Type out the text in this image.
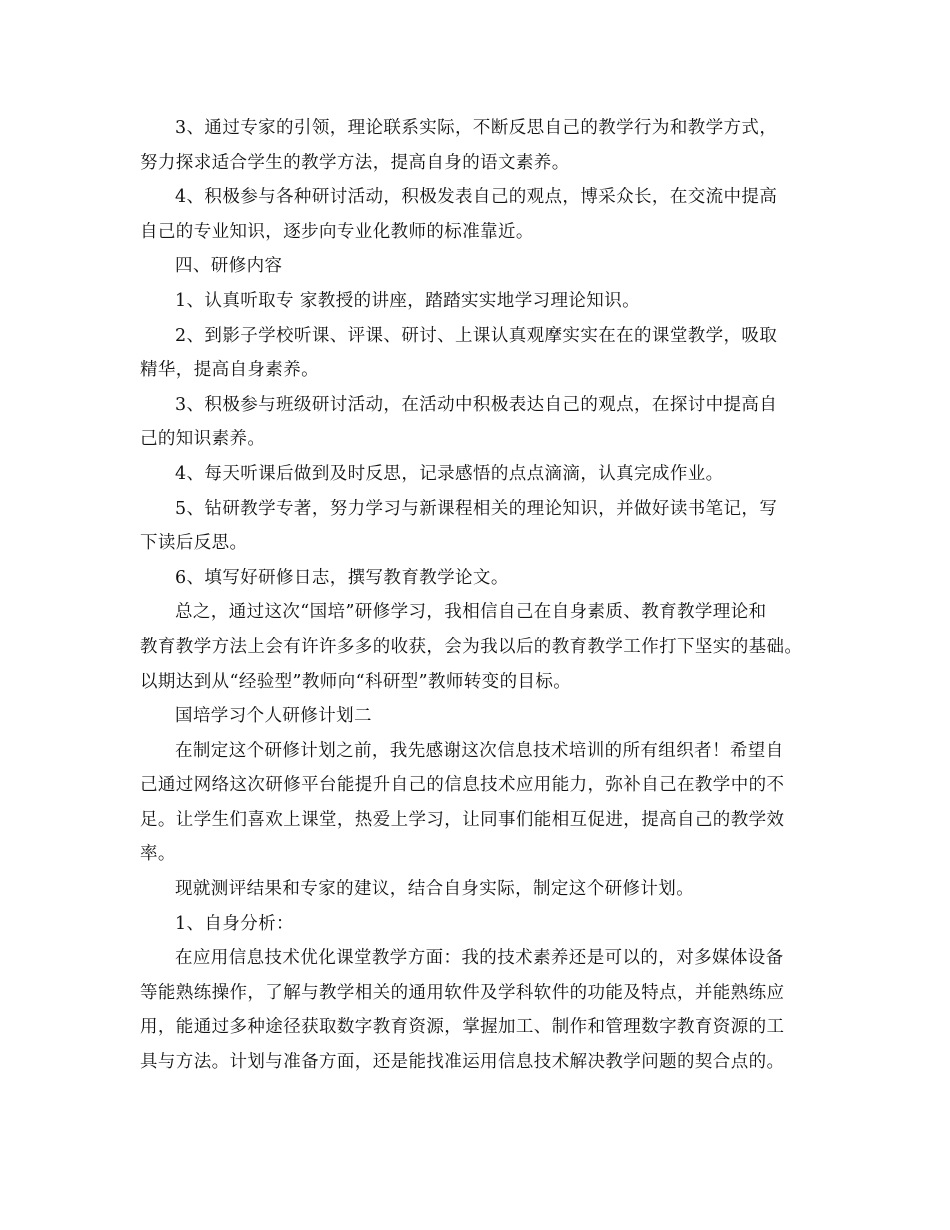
3、通过专家的引领，理论联系实际，不断反思自己的教学行为和教学方式，
努力探求适合学生的教学方法，提高自身的语文素养。
4、积极参与各种研讨活动，积极发表自己的观点，博采众长，在交流中提高
自己的专业知识，逐步向专业化教师的标准靠近。
四、研修内容
1、认真听取专 家教授的讲座，踏踏实实地学习理论知识。
2、到影子学校听课、评课、研讨、上课认真观摩实实在在的课堂教学，吸取
精华，提高自身素养。
3、积极参与班级研讨活动，在活动中积极表达自己的观点，在探讨中提高自
己的知识素养。
4、每天听课后做到及时反思，记录感悟的点点滴滴，认真完成作业。
5、钻研教学专著，努力学习与新课程相关的理论知识，并做好读书笔记，写
下读后反思。
6、填写好研修日志，撰写教育教学论文。
总之，通过这次“国培”研修学习，我相信自己在自身素质、教育教学理论和
教育教学方法上会有许许多多的收获，会为我以后的教育教学工作打下坚实的基础。
以期达到从“经验型”教师向“科研型”教师转变的目标。
国培学习个人研修计划二
在制定这个研修计划之前，我先感谢这次信息技术培训的所有组织者！希望自
己通过网络这次研修平台能提升自己的信息技术应用能力，弥补自己在教学中的不
足。让学生们喜欢上课堂，热爱上学习，让同事们能相互促进，提高自己的教学效
率。
现就测评结果和专家的建议，结合自身实际，制定这个研修计划。
1、自身分析：
在应用信息技术优化课堂教学方面：我的技术素养还是可以的，对多媒体设备
等能熟练操作，了解与教学相关的通用软件及学科软件的功能及特点，并能熟练应
用，能通过多种途径获取数字教育资源，掌握加工、制作和管理数字教育资源的工
具与方法。计划与准备方面，还是能找准运用信息技术解决教学问题的契合点的。
